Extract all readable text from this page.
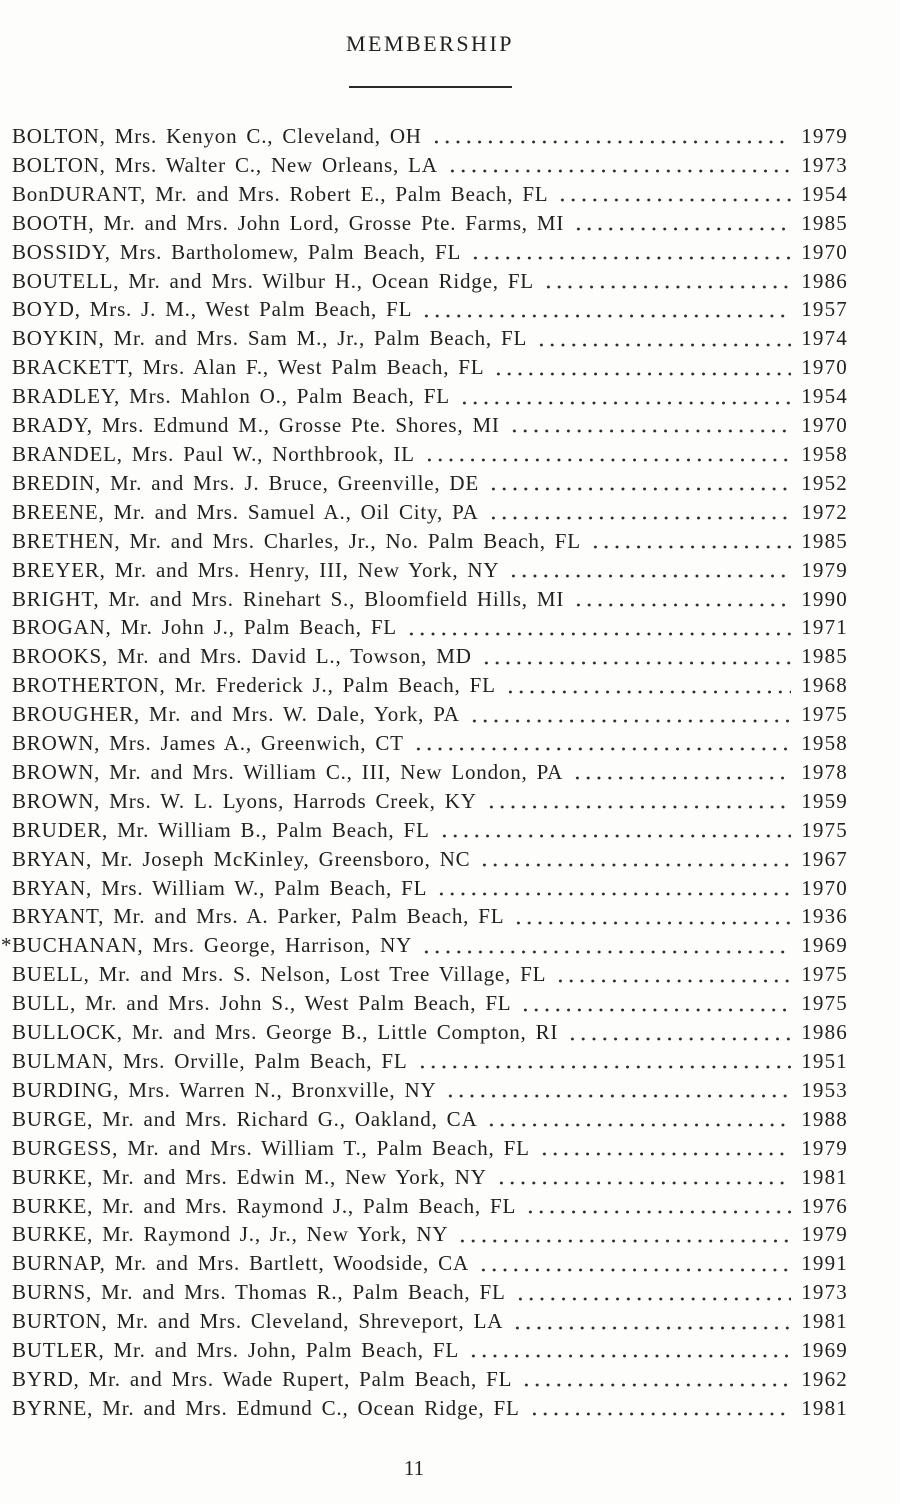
MEMBERSHIP
BOLTON, Mrs. Kenyon C., Cleveland, OH	1979
BOLTON, Mrs. Walter C., New Orleans, LA	1973
BonDURANT, Mr. and Mrs. Robert E., Palm Beach, FL	1954
BOOTH, Mr. and Mrs. John Lord, Grosse Pte. Farms, MI	1985
BOSSIDY, Mrs. Bartholomew, Palm Beach, FL	1970
BOUTELL, Mr. and Mrs. Wilbur H., Ocean Ridge, FL	1986
BOYD, Mrs. J. M., West Palm Beach, FL	1957
BOYKIN, Mr. and Mrs. Sam M., Jr., Palm Beach, FL	1974
BRACKETT, Mrs. Alan F., West Palm Beach, FL	1970
BRADLEY, Mrs. Mahlon O., Palm Beach, FL	1954
BRADY, Mrs. Edmund M., Grosse Pte. Shores, MI	1970
BRANDEL, Mrs. Paul W., Northbrook, IL	1958
BREDIN, Mr. and Mrs. J. Bruce, Greenville, DE	1952
BREENE, Mr. and Mrs. Samuel A., Oil City, PA	1972
BRETHEN, Mr. and Mrs. Charles, Jr., No. Palm Beach, FL	1985
BREYER, Mr. and Mrs. Henry, III, New York, NY	1979
BRIGHT, Mr. and Mrs. Rinehart S., Bloomfield Hills, MI	1990
BROGAN, Mr. John J., Palm Beach, FL	1971
BROOKS, Mr. and Mrs. David L., Towson, MD	1985
BROTHERTON, Mr. Frederick J., Palm Beach, FL	1968
BROUGHER, Mr. and Mrs. W. Dale, York, PA	1975
BROWN, Mrs. James A., Greenwich, CT	1958
BROWN, Mr. and Mrs. William C., III, New London, PA	1978
BROWN, Mrs. W. L. Lyons, Harrods Creek, KY	1959
BRUDER, Mr. William B., Palm Beach, FL	1975
BRYAN, Mr. Joseph McKinley, Greensboro, NC	1967
BRYAN, Mrs. William W., Palm Beach, FL	1970
BRYANT, Mr. and Mrs. A. Parker, Palm Beach, FL	1936
* BUCHANAN, Mrs. George, Harrison, NY	1969
BUELL, Mr. and Mrs. S. Nelson, Lost Tree Village, FL	1975
BULL, Mr. and Mrs. John S., West Palm Beach, FL	1975
BULLOCK, Mr. and Mrs. George B., Little Compton, RI	1986
BULMAN, Mrs. Orville, Palm Beach, FL	1951
BURDING, Mrs. Warren N., Bronxville, NY	1953
BURGE, Mr. and Mrs. Richard G., Oakland, CA	1988
BURGESS, Mr. and Mrs. William T., Palm Beach, FL	1979
BURKE, Mr. and Mrs. Edwin M., New York, NY	1981
BURKE, Mr. and Mrs. Raymond J., Palm Beach, FL	1976
BURKE, Mr. Raymond J., Jr., New York, NY	1979
BURNAP, Mr. and Mrs. Bartlett, Woodside, CA	1991
BURNS, Mr. and Mrs. Thomas R., Palm Beach, FL	1973
BURTON, Mr. and Mrs. Cleveland, Shreveport, LA	1981
BUTLER, Mr. and Mrs. John, Palm Beach, FL	1969
BYRD, Mr. and Mrs. Wade Rupert, Palm Beach, FL	1962
BYRNE, Mr. and Mrs. Edmund C., Ocean Ridge, FL	1981
11
